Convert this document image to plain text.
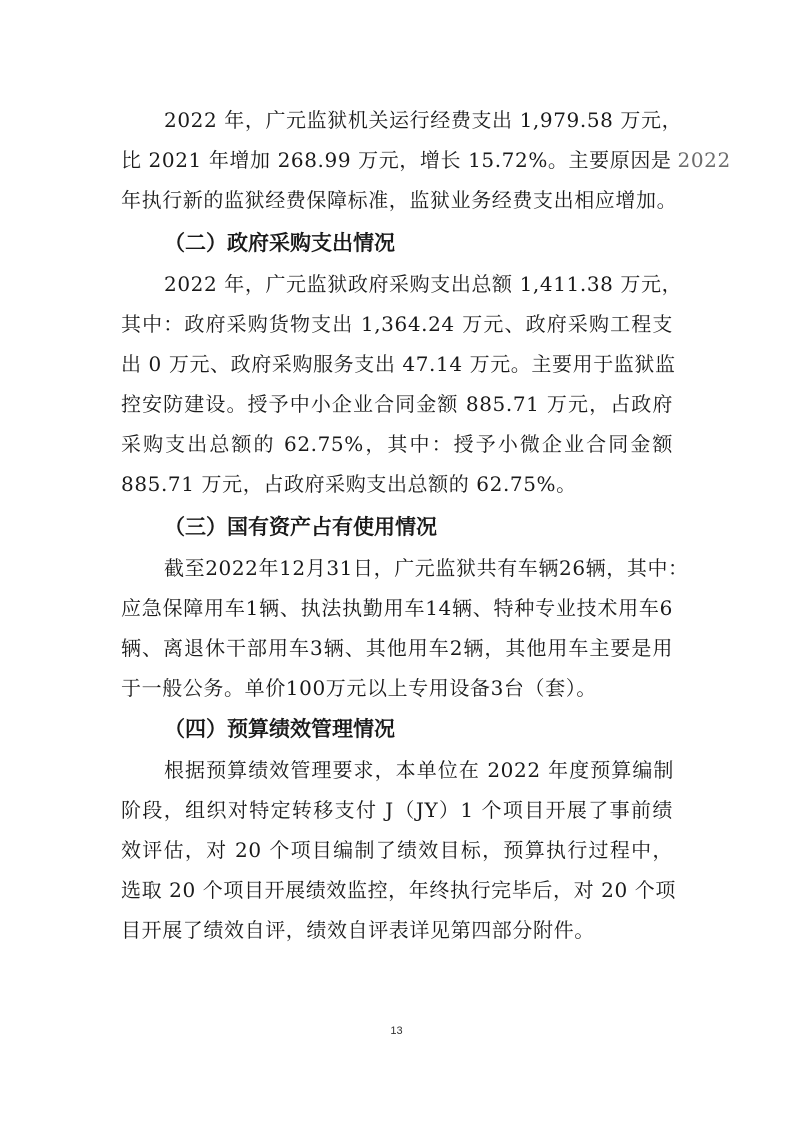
2022 年，广元监狱机关运行经费支出 1,979.58 万元，
比 2021 年增加 268.99 万元，增长 15.72%。主要原因是 2022
年执行新的监狱经费保障标准，监狱业务经费支出相应增加。
（二）政府采购支出情况
2022 年，广元监狱政府采购支出总额 1,411.38 万元，
其中：政府采购货物支出 1,364.24 万元、政府采购工程支
出 0 万元、政府采购服务支出 47.14 万元。主要用于监狱监
控安防建设。授予中小企业合同金额 885.71 万元，占政府
采购支出总额的 62.75%，其中：授予小微企业合同金额
885.71 万元，占政府采购支出总额的 62.75%。
（三）国有资产占有使用情况
截至2022年12月31日，广元监狱共有车辆26辆，其中：
应急保障用车1辆、执法执勤用车14辆、特种专业技术用车6
辆、离退休干部用车3辆、其他用车2辆，其他用车主要是用
于一般公务。单价100万元以上专用设备3台（套）。
（四）预算绩效管理情况
根据预算绩效管理要求，本单位在 2022 年度预算编制
阶段，组织对特定转移支付 J（JY）1 个项目开展了事前绩
效评估，对 20 个项目编制了绩效目标，预算执行过程中，
选取 20 个项目开展绩效监控，年终执行完毕后，对 20 个项
目开展了绩效自评，绩效自评表详见第四部分附件。
13
